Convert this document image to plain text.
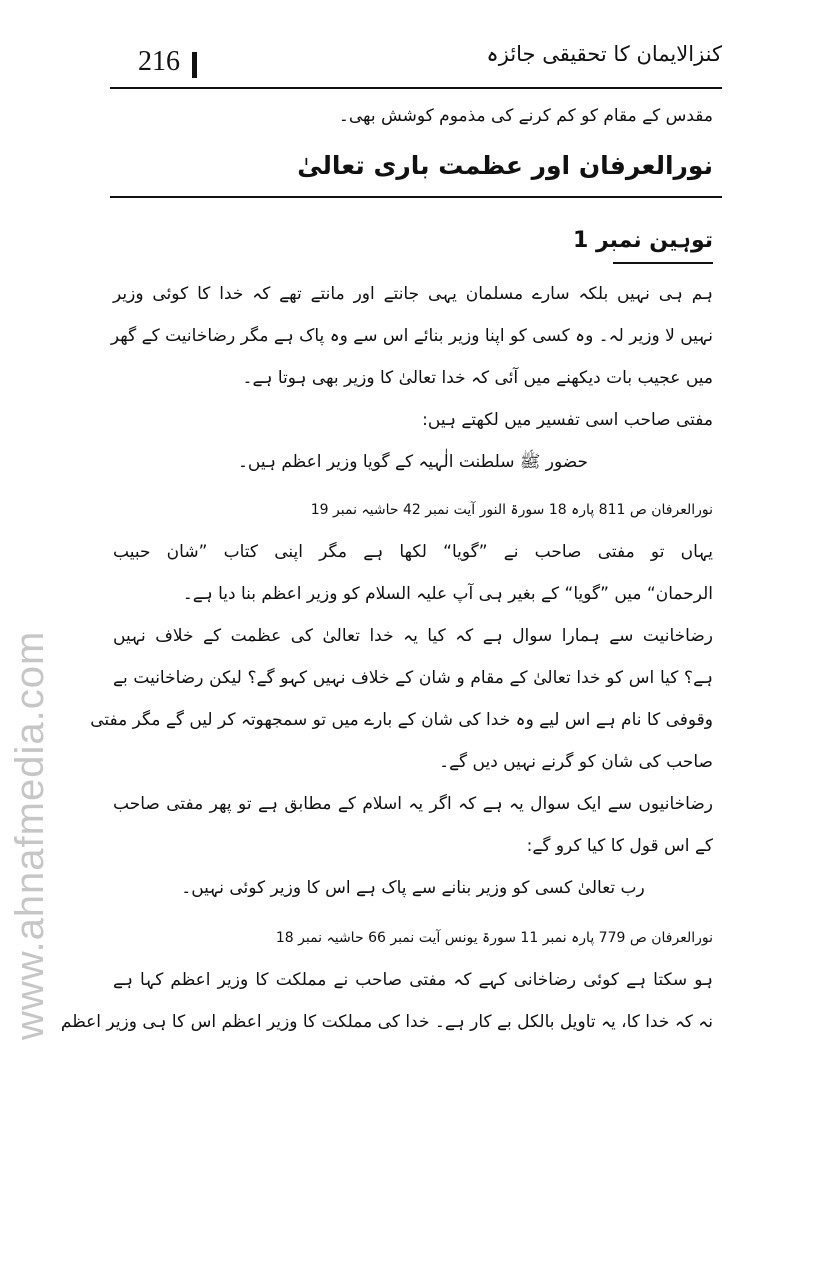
www.ahnafmedia.com
216	کنزالایمان کا تحقیقی جائزہ
مقدس کے مقام کو کم کرنے کی مذموم کوشش بھی۔
نورالعرفان اور عظمت باری تعالیٰ
توہین نمبر 1
ہم ہی نہیں بلکہ سارے مسلمان یہی جانتے اور مانتے تھے کہ خدا کا کوئی وزیر
نہیں لا وزیر لہ۔ وہ کسی کو اپنا وزیر بنائے اس سے وہ پاک ہے مگر رضاخانیت کے گھر
میں عجیب بات دیکھنے میں آئی کہ خدا تعالیٰ کا وزیر بھی ہوتا ہے۔
مفتی صاحب اسی تفسیر میں لکھتے ہیں:
حضور ﷺ سلطنت الٰہیہ کے گویا وزیر اعظم ہیں۔
نورالعرفان ص 811 پارہ 18 سورۃ النور آیت نمبر 42 حاشیہ نمبر 19
یہاں تو مفتی صاحب نے ”گویا“ لکھا ہے مگر اپنی کتاب ”شان حبیب
الرحمان“ میں ”گویا“ کے بغیر ہی آپ علیہ السلام کو وزیر اعظم بنا دیا ہے۔
رضاخانیت سے ہمارا سوال ہے کہ کیا یہ خدا تعالیٰ کی عظمت کے خلاف نہیں
ہے؟ کیا اس کو خدا تعالیٰ کے مقام و شان کے خلاف نہیں کہو گے؟ لیکن رضاخانیت بے
وقوفی کا نام ہے اس لیے وہ خدا کی شان کے بارے میں تو سمجھوتہ کر لیں گے مگر مفتی
صاحب کی شان کو گرنے نہیں دیں گے۔
رضاخانیوں سے ایک سوال یہ ہے کہ اگر یہ اسلام کے مطابق ہے تو پھر مفتی صاحب
کے اس قول کا کیا کرو گے:
رب تعالیٰ کسی کو وزیر بنانے سے پاک ہے اس کا وزیر کوئی نہیں۔
نورالعرفان ص 779 پارہ نمبر 11 سورۃ یونس آیت نمبر 66 حاشیہ نمبر 18
ہو سکتا ہے کوئی رضاخانی کہے کہ مفتی صاحب نے مملکت کا وزیر اعظم کہا ہے
نہ کہ خدا کا، یہ تاویل بالکل بے کار ہے۔ خدا کی مملکت کا وزیر اعظم اس کا ہی وزیر اعظم
